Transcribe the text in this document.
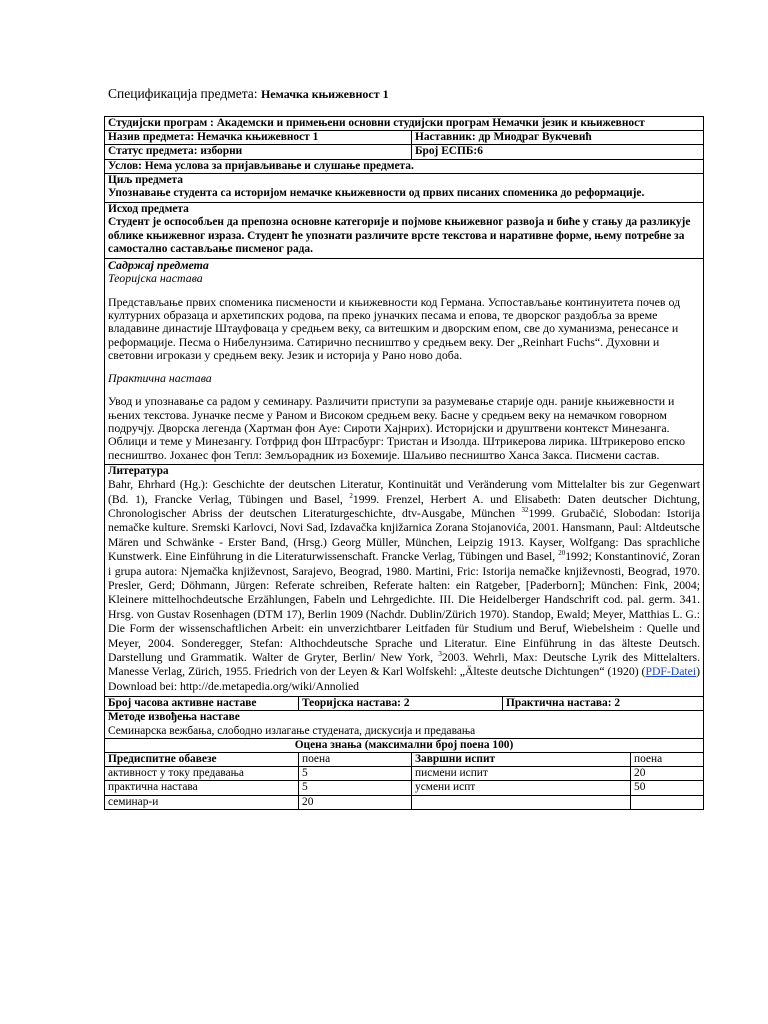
Спецификација предмета: Немачка књижевност 1
Студијски програм : Академски и примењени основни студијски програм Немачки језик и књижевност				
Назив предмета: Немачка књижевност 1		Наставник: др Миодраг Вукчевић		
Статус предмета: изборни		Број ЕСПБ:6		
Услов: Нема услова за пријављивање и слушање предмета.				

Циљ предмета

Упознавање студента са историјом немачке књижевности од првих писаних споменика до реформације.				

Исход предмета

Студент је оспособљен да препозна основне категорије и појмове књижевног развоја и биће у стању да разликује облике књижевног израза. Студент ће упознати различите врсте текстова и наративне форме, њему потребне за самостално састављање писменог рада.				

Садржај предмета

Теоријска настава

Представљање првих споменика писмености и књижевности код Германа. Успостављање континуитета почев од културних образаца и архетипских родова, па преко јуначких песама и епова, те дворског раздобља за време владавине династије Штауфоваца у средњем веку, са витешким и дворским епом, све до хуманизма, ренесансе и реформације. Песма о Нибелунзима. Сатирично песништво у средњем веку. Der „Reinhart Fuchs“. Духовни и световни игрокази у средњем веку. Језик и историја у Рано ново доба.

Практична настава

Увод и упознавање са радом у семинару. Различити приступи за разумевање старије одн. раније књижевности и њених текстова. Јуначке песме у Раном и Високом средњем веку. Басне у средњем веку на немачком говорном подручју. Дворска легенда (Хартман фон Ауе: Сироти Хајнрих). Историјски и друштвени контекст Минезанга. Облици и теме у Минезангу. Готфрид фон Штрасбург: Тристан и Изолда. Штрикерова лирика. Штрикерово епско песништво. Јоханес фон Тепл: Земљорадник из Бохемије. Шаљиво песништво Ханса Закса. Писмени састав.				

Литература

Bahr, Ehrhard (Hg.): Geschichte der deutschen Literatur, Kontinuität und Veränderung vom Mittelalter bis zur Gegenwart (Bd. 1), Francke Verlag, Tübingen und Basel, $^2$1999. Frenzel, Herbert A. und Elisabeth: Daten deutscher Dichtung, Chronologischer Abriss der deutschen Literaturgeschichte, dtv-Ausgabe, München $^{32}$1999. Grubačić, Slobodan: Istorija nemačke kulture. Sremski Karlovci, Novi Sad, Izdavačka knjižarnica Zorana Stojanovića, 2001. Hansmann, Paul: Altdeutsche Mären und Schwänke - Erster Band, (Hrsg.) Georg Müller, München, Leipzig 1913. Kayser, Wolfgang: Das sprachliche Kunstwerk. Eine Einführung in die Literaturwissenschaft. Francke Verlag, Tübingen und Basel, $^{20}$1992; Konstantinović, Zoran i grupa autora: Njemačka književnost, Sarajevo, Beograd, 1980. Martini, Fric: Istorija nemačke književnosti, Beograd, 1970. Presler, Gerd; Döhmann, Jürgen: Referate schreiben, Referate halten: ein Ratgeber, [Paderborn]; München: Fink, 2004; Kleinere mittelhochdeutsche Erzählungen, Fabeln und Lehrgedichte. III. Die Heidelberger Handschrift cod. pal. germ. 341. Hrsg. von Gustav Rosenhagen (DTM 17), Berlin 1909 (Nachdr. Dublin/Zürich 1970). Standop, Ewald; Meyer, Matthias L. G.: Die Form der wissenschaftlichen Arbeit: ein unverzichtbarer Leitfaden für Studium und Beruf, Wiebelsheim : Quelle und Meyer, 2004. Sonderegger, Stefan: Althochdeutsche Sprache und Literatur. Eine Einführung in das älteste Deutsch. Darstellung und Grammatik. Walter de Gryter, Berlin/ New York, $^3$2003. Wehrli, Max: Deutsche Lyrik des Mittelalters. Manesse Verlag, Zürich, 1955. Friedrich von der Leyen & Karl Wolfskehl: „Älteste deutsche Dichtungen“ (1920) (PDF-Datei) Download bei: http://de.metapedia.org/wiki/Annolied				

Број часова активне наставе	Теоријска настава: 2		Практична настава: 2	

Методе извођења наставе

Семинарска вежбања, слободно излагање студената, дискусија и предавања				

Оцена знања (максимални број поена 100)				
Предиспитне обавезе	поена	Завршни испит		поена
активност у току предавања	5	писмени испит		20
практична настава	5	усмени испт		50
семинар-и	20			
